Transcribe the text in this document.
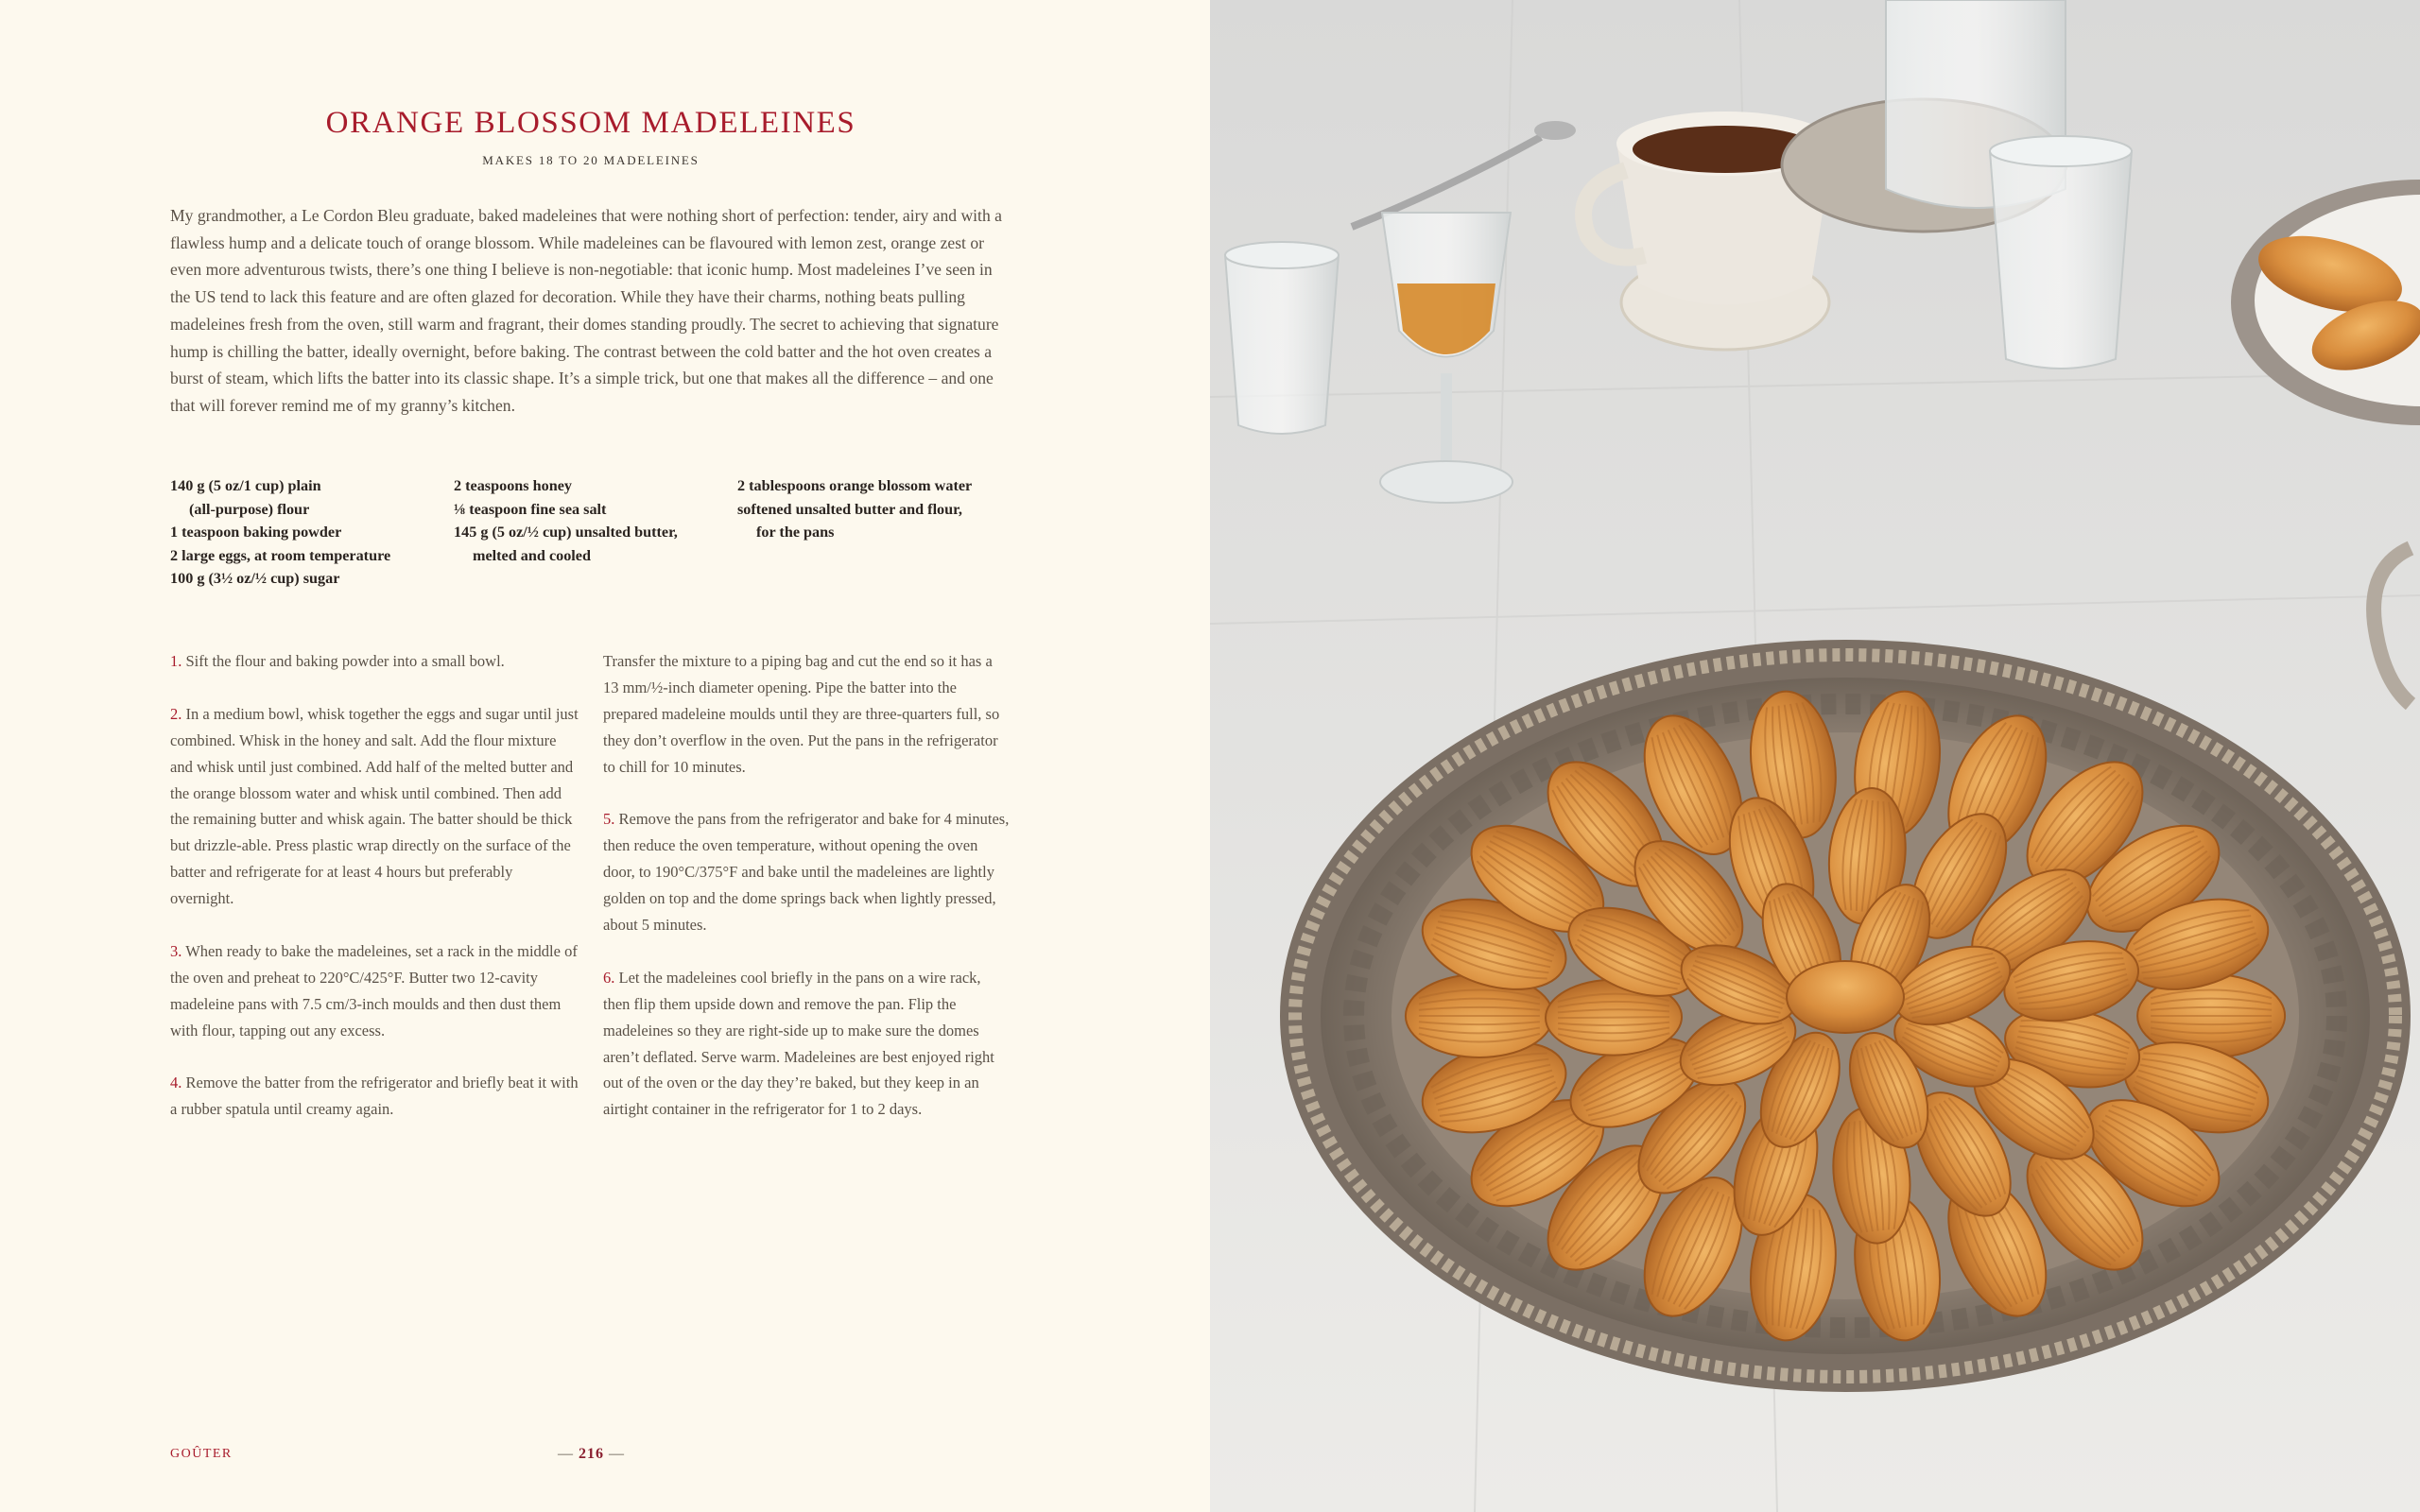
ORANGE BLOSSOM MADELEINES

MAKES 18 TO 20 MADELEINES

My grandmother, a Le Cordon Bleu graduate, baked madeleines that were nothing short of perfection: tender, airy and with a flawless hump and a delicate touch of orange blossom. While madeleines can be flavoured with lemon zest, orange zest or even more adventurous twists, there’s one thing I believe is non-negotiable: that iconic hump. Most madeleines I’ve seen in the US tend to lack this feature and are often glazed for decoration. While they have their charms, nothing beats pulling madeleines fresh from the oven, still warm and fragrant, their domes standing proudly. The secret to achieving that signature hump is chilling the batter, ideally overnight, before baking. The contrast between the cold batter and the hot oven creates a burst of steam, which lifts the batter into its classic shape. It’s a simple trick, but one that makes all the difference – and one that will forever remind me of my granny’s kitchen.

140 g (5 oz/1 cup) plain

(all-purpose) flour

1 teaspoon baking powder

2 large eggs, at room temperature

100 g (3½ oz/½ cup) sugar

2 teaspoons honey

⅛ teaspoon fine sea salt

145 g (5 oz/½ cup) unsalted butter,

melted and cooled

2 tablespoons orange blossom water

softened unsalted butter and flour,

for the pans

1. Sift the flour and baking powder into a small bowl.

2. In a medium bowl, whisk together the eggs and sugar until just combined. Whisk in the honey and salt. Add the flour mixture and whisk until just combined. Add half of the melted butter and the orange blossom water and whisk until combined. Then add the remaining butter and whisk again. The batter should be thick but drizzle-able. Press plastic wrap directly on the surface of the batter and refrigerate for at least 4 hours but preferably overnight.

3. When ready to bake the madeleines, set a rack in the middle of the oven and preheat to 220°C/425°F. Butter two 12-cavity madeleine pans with 7.5 cm/3-inch moulds and then dust them with flour, tapping out any excess.

4. Remove the batter from the refrigerator and briefly beat it with a rubber spatula until creamy again.

Transfer the mixture to a piping bag and cut the end so it has a 13 mm/½-inch diameter opening. Pipe the batter into the prepared madeleine moulds until they are three-quarters full, so they don’t overflow in the oven. Put the pans in the refrigerator to chill for 10 minutes.

5. Remove the pans from the refrigerator and bake for 4 minutes, then reduce the oven temperature, without opening the oven door, to 190°C/375°F and bake until the madeleines are lightly golden on top and the dome springs back when lightly pressed, about 5 minutes.

6. Let the madeleines cool briefly in the pans on a wire rack, then flip them upside down and remove the pan. Flip the madeleines so they are right-side up to make sure the domes aren’t deflated. Serve warm. Madeleines are best enjoyed right out of the oven or the day they’re baked, but they keep in an airtight container in the refrigerator for 1 to 2 days.

GOÛTER	— 216 —
